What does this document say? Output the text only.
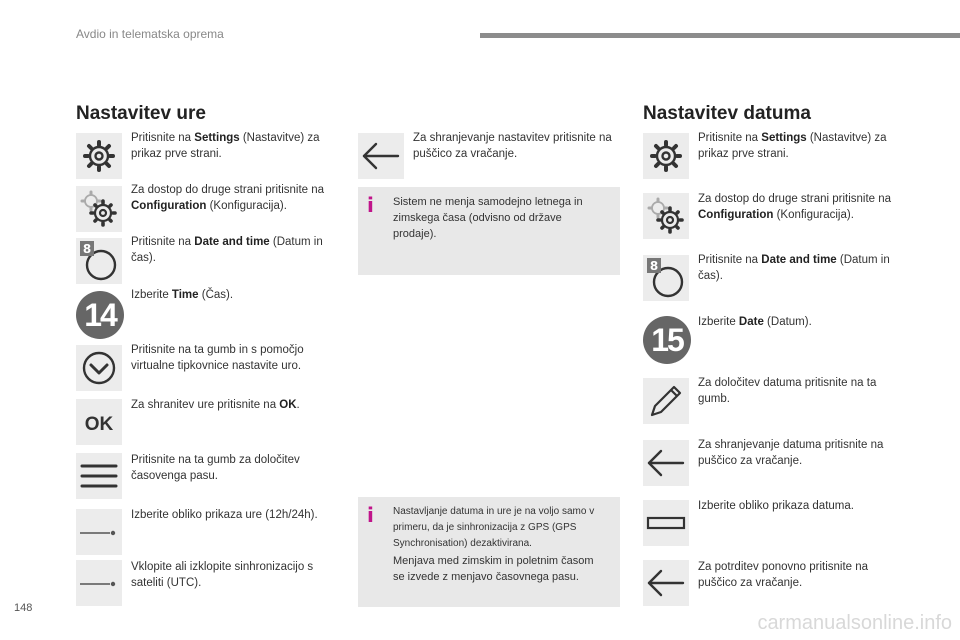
Avdio in telematska oprema
Nastavitev ure
Pritisnite na Settings (Nastavitve) za prikaz prve strani.
Za dostop do druge strani pritisnite na Configuration (Konfiguracija).
8	Pritisnite na Date and time (Datum in čas).
14
Izberite Time (Čas).
Pritisnite na ta gumb in s pomočjo virtualne tipkovnice nastavite uro.
OK
Za shranitev ure pritisnite na OK.
Pritisnite na ta gumb za določitev časovenga pasu.
Izberite obliko prikaza ure (12h/24h).
Vklopite ali izklopite sinhronizacijo s sateliti (UTC).
Za shranjevanje nastavitev pritisnite na puščico za vračanje.
i Sistem ne menja samodejno letnega in zimskega časa (odvisno od države prodaje).
i Nastavljanje datuma in ure je na voljo samo v primeru, da je sinhronizacija z GPS (GPS Synchronisation) dezaktivirana.
Menjava med zimskim in poletnim časom se izvede z menjavo časovnega pasu.
Nastavitev datuma
Pritisnite na Settings (Nastavitve) za prikaz prve strani.
Za dostop do druge strani pritisnite na Configuration (Konfiguracija).
8	Pritisnite na Date and time (Datum in čas).
15	Izberite Date (Datum).
Za določitev datuma pritisnite na ta gumb.
Za shranjevanje datuma pritisnite na puščico za vračanje.
Izberite obliko prikaza datuma.
Za potrditev ponovno pritisnite na puščico za vračanje.
148
carmanualsonline.info
